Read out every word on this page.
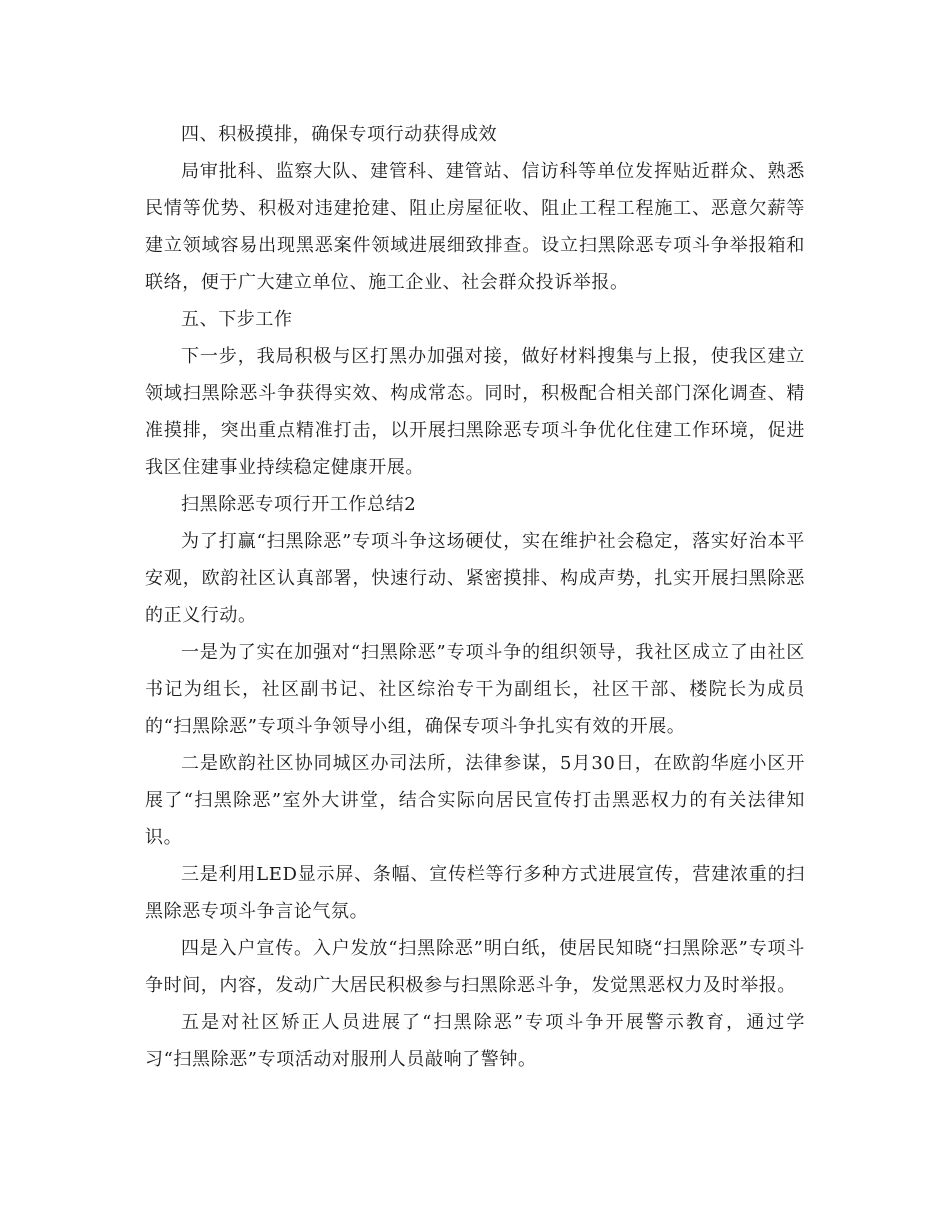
四、积极摸排，确保专项行动获得成效

局审批科、监察大队、建管科、建管站、信访科等单位发挥贴近群众、熟悉民情等优势、积极对违建抢建、阻止房屋征收、阻止工程工程施工、恶意欠薪等建立领域容易出现黑恶案件领域进展细致排查。设立扫黑除恶专项斗争举报箱和联络，便于广大建立单位、施工企业、社会群众投诉举报。

五、下步工作

下一步，我局积极与区打黑办加强对接，做好材料搜集与上报，使我区建立领域扫黑除恶斗争获得实效、构成常态。同时，积极配合相关部门深化调查、精准摸排，突出重点精准打击，以开展扫黑除恶专项斗争优化住建工作环境，促进我区住建事业持续稳定健康开展。

扫黑除恶专项行开工作总结2

为了打赢“扫黑除恶”专项斗争这场硬仗，实在维护社会稳定，落实好治本平安观，欧韵社区认真部署，快速行动、紧密摸排、构成声势，扎实开展扫黑除恶的正义行动。

一是为了实在加强对“扫黑除恶”专项斗争的组织领导，我社区成立了由社区书记为组长，社区副书记、社区综治专干为副组长，社区干部、楼院长为成员的“扫黑除恶”专项斗争领导小组，确保专项斗争扎实有效的开展。

二是欧韵社区协同城区办司法所，法律参谋，5月30日，在欧韵华庭小区开展了“扫黑除恶”室外大讲堂，结合实际向居民宣传打击黑恶权力的有关法律知识。

三是利用LED显示屏、条幅、宣传栏等行多种方式进展宣传，营建浓重的扫黑除恶专项斗争言论气氛。

四是入户宣传。入户发放“扫黑除恶”明白纸，使居民知晓“扫黑除恶”专项斗争时间，内容，发动广大居民积极参与扫黑除恶斗争，发觉黑恶权力及时举报。

五是对社区矫正人员进展了“扫黑除恶”专项斗争开展警示教育，通过学习“扫黑除恶”专项活动对服刑人员敲响了警钟。
